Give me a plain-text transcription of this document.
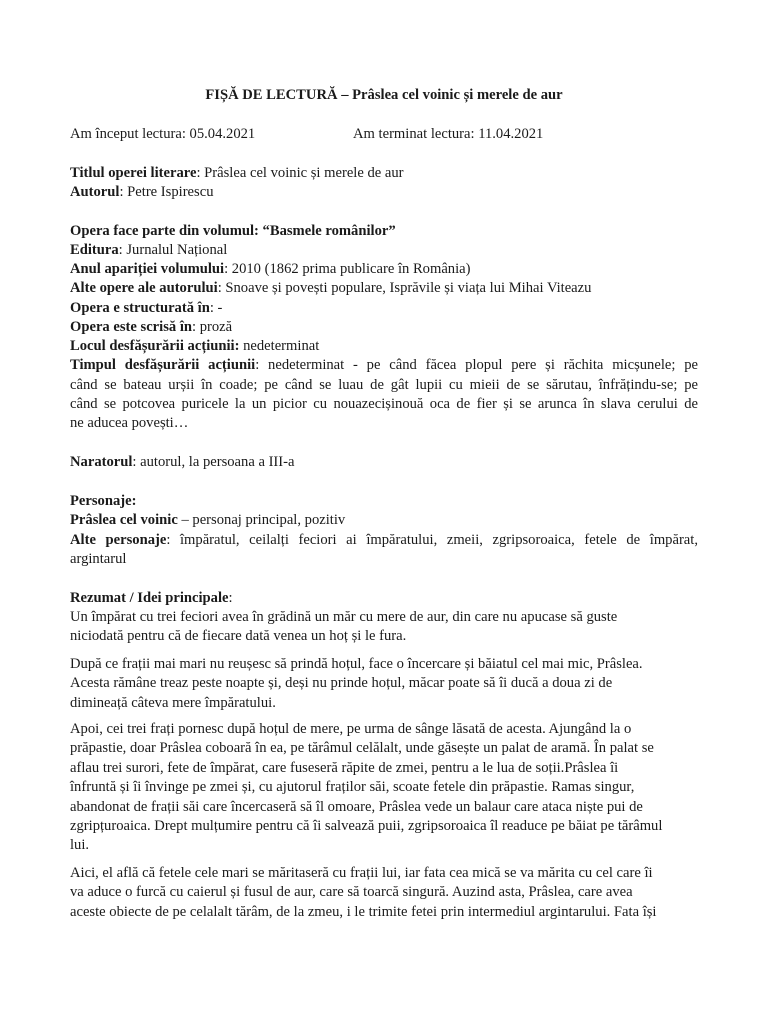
FIȘĂ DE LECTURĂ – Prâslea cel voinic și merele de aur
Am început lectura: 05.04.2021	Am terminat lectura: 11.04.2021
Titlul operei literare: Prâslea cel voinic și merele de aur
Autorul: Petre Ispirescu
Opera face parte din volumul: “Basmele românilor”
Editura: Jurnalul Național
Anul apariției volumului: 2010 (1862 prima publicare în România)
Alte opere ale autorului: Snoave și povești populare, Isprăvile și viața lui Mihai Viteazu
Opera e structurată în: -
Opera este scrisă în: proză
Locul desfășurării acțiunii: nedeterminat
Timpul desfășurării acțiunii: nedeterminat - pe când făcea plopul pere și răchita micșunele; pe
când se bateau urșii în coade; pe când se luau de gât lupii cu mieii de se sărutau, înfrățindu-se; pe
când se potcovea puricele la un picior cu nouazecișinouă oca de fier și se arunca în slava cerului de
ne aducea povești…
Naratorul: autorul, la persoana a III-a
Personaje:
Prâslea cel voinic – personaj principal, pozitiv
Alte personaje: împăratul, ceilalți feciori ai împăratului, zmeii, zgripsoroaica, fetele de împărat,
argintarul
Rezumat / Idei principale:
Un împărat cu trei feciori avea în grădină un măr cu mere de aur, din care nu apucase să guste
niciodată pentru că de fiecare dată venea un hoț și le fura.
După ce frații mai mari nu reușesc să prindă hoțul, face o încercare și băiatul cel mai mic, Prâslea.
Acesta rămâne treaz peste noapte și, deși nu prinde hoțul, măcar poate să îi ducă a doua zi de
dimineață câteva mere împăratului.
Apoi, cei trei frați pornesc după hoțul de mere, pe urma de sânge lăsată de acesta. Ajungând la o
prăpastie, doar Prâslea coboară în ea, pe tărâmul celălalt, unde găsește un palat de aramă. În palat se
aflau trei surori, fete de împărat, care fuseseră răpite de zmei, pentru a le lua de soții.Prâslea îi
înfruntă și îi învinge pe zmei și, cu ajutorul fraților săi, scoate fetele din prăpastie. Ramas singur,
abandonat de frații săi care încercaseră să îl omoare, Prâslea vede un balaur care ataca niște pui de
zgripțuroaica. Drept mulțumire pentru că îi salvează puii, zgripsoroaica îl readuce pe băiat pe tărâmul
lui.
Aici, el află că fetele cele mari se măritaseră cu frații lui, iar fata cea mică se va mărita cu cel care îi
va aduce o furcă cu caierul și fusul de aur, care să toarcă singură. Auzind asta, Prâslea, care avea
aceste obiecte de pe celalalt tărâm, de la zmeu, i le trimite fetei prin intermediul argintarului. Fata își
